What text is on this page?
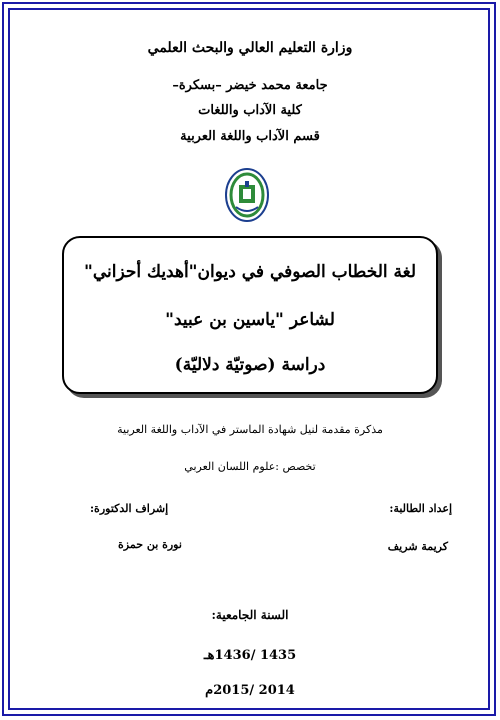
وزارة التعليم العالي والبحث العلمي
جامعة محمد خيضر –بسكرة–
كلية الآداب واللغات
قسم الآداب واللغة العربية
لغة الخطاب الصوفي في ديوان"أهديك أحزاني"
لشاعر "ياسين بن عبيد"
دراسة (صوتيّة دلاليّة)
مذكرة مقدمة لنيل شهادة الماستر في الآداب واللغة العربية
تخصص :علوم اللسان العربي
إشراف الدكتورة:
نورة بن حمزة
إعداد الطالبة:
كريمة شريف
السنة الجامعية:
1435 /1436هـ
2014 /2015م
